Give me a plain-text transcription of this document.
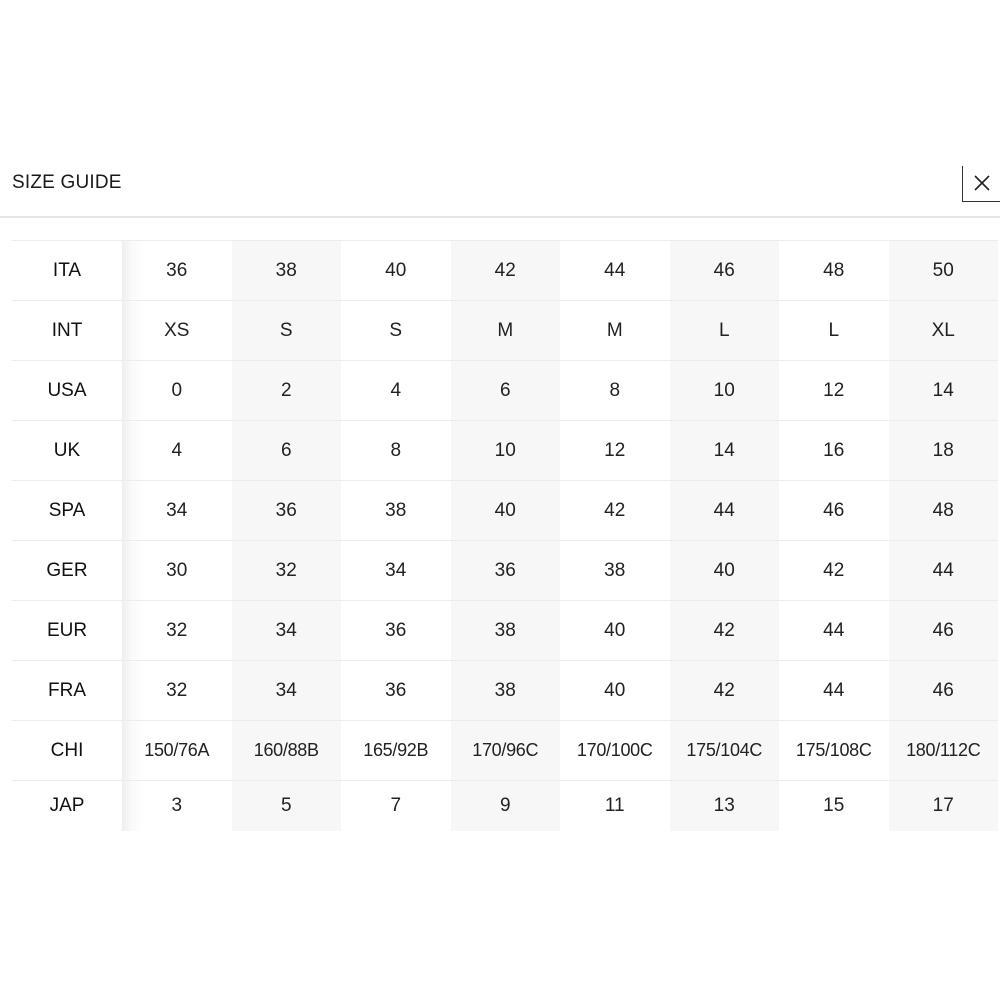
SIZE GUIDE
ITA	36	38	40	42	44	46	48	50
INT	XS	S	S	M	M	L	L	XL
USA	0	2	4	6	8	10	12	14
UK	4	6	8	10	12	14	16	18
SPA	34	36	38	40	42	44	46	48
GER	30	32	34	36	38	40	42	44
EUR	32	34	36	38	40	42	44	46
FRA	32	34	36	38	40	42	44	46
CHI	150/76A	160/88B	165/92B	170/96C	170/100C	175/104C	175/108C	180/112C
JAP	3	5	7	9	11	13	15	17
